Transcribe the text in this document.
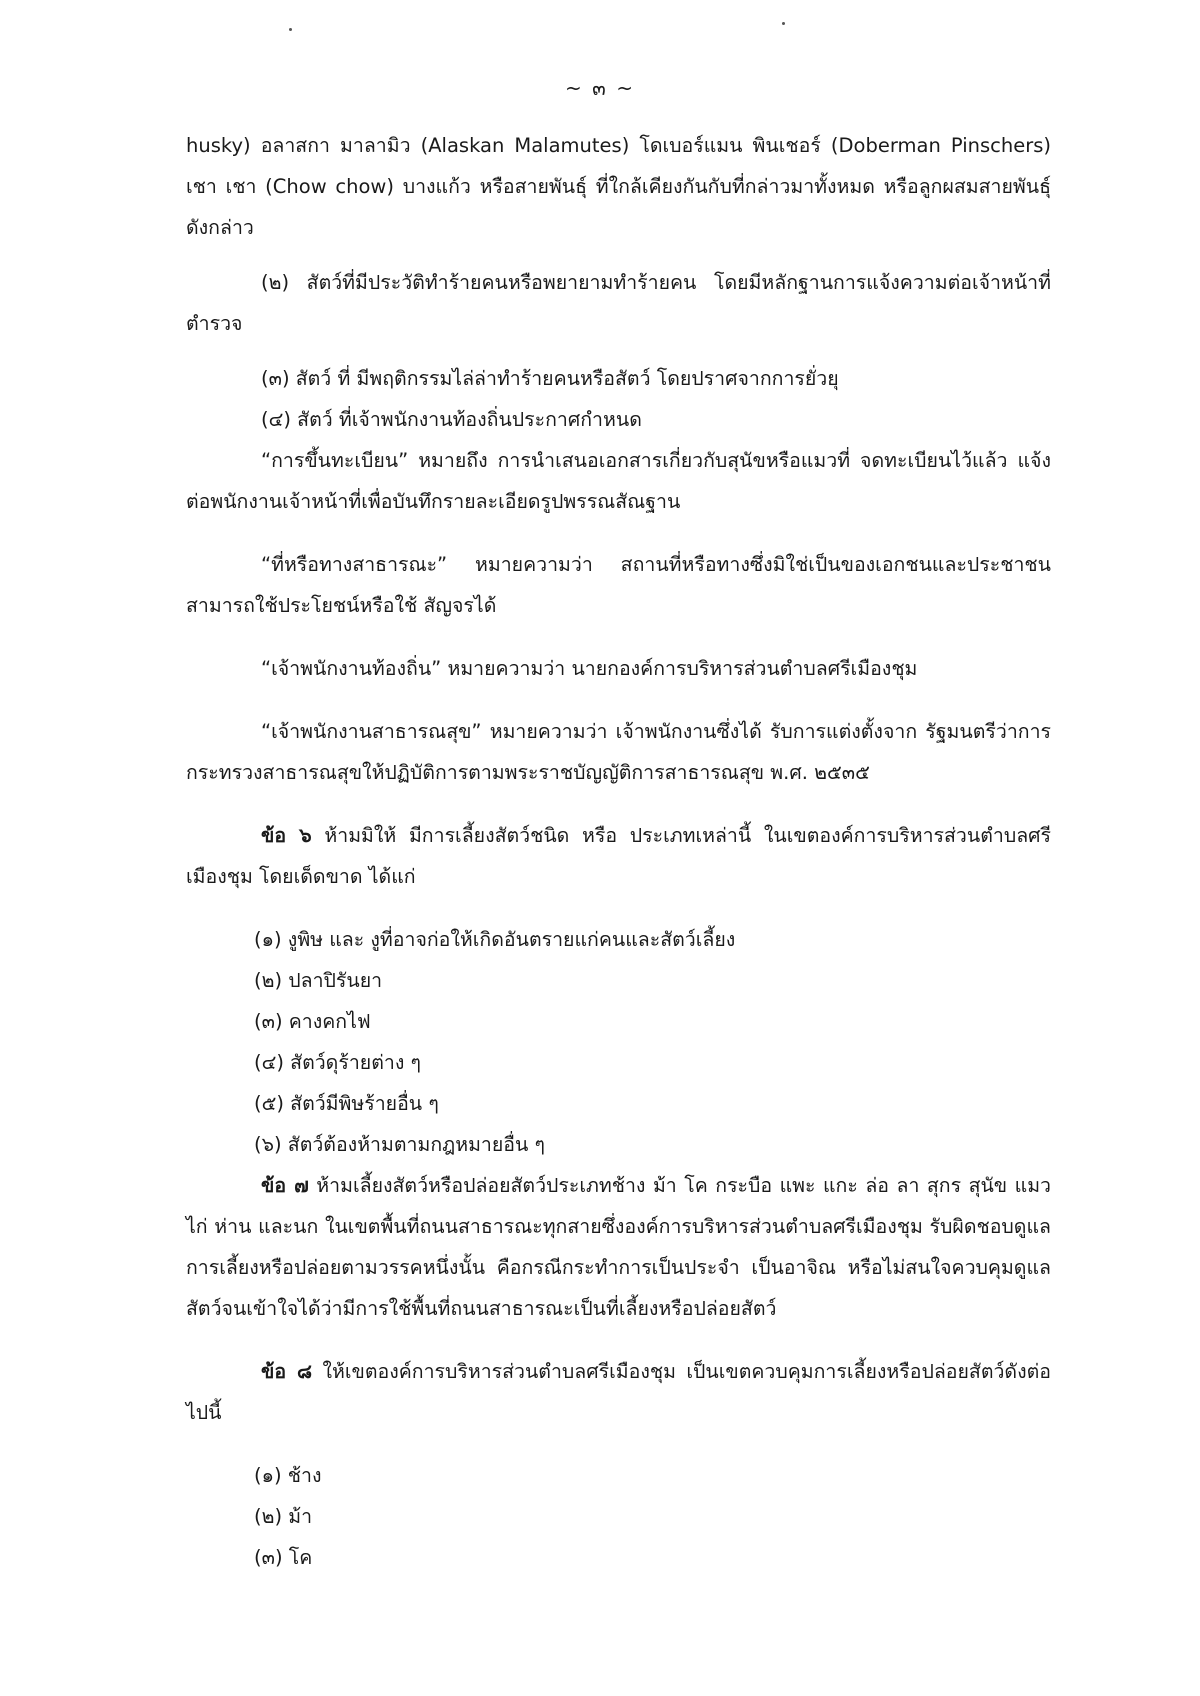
~ ๓ ~

husky) อลาสกา มาลามิว (Alaskan Malamutes) โดเบอร์แมน พินเชอร์ (Doberman Pinschers) เชา เชา (Chow chow) บางแก้ว หรือสายพันธุ์ ที่ใกล้เคียงกันกับที่กล่าวมาทั้งหมด หรือลูกผสมสายพันธุ์ดังกล่าว

(๒) สัตว์ที่มีประวัติทำร้ายคนหรือพยายามทำร้ายคน โดยมีหลักฐานการแจ้งความต่อเจ้าหน้าที่ตำรวจ

(๓) สัตว์ ที่ มีพฤติกรรมไล่ล่าทำร้ายคนหรือสัตว์ โดยปราศจากการยั่วยุ

(๔) สัตว์ ที่เจ้าพนักงานท้องถิ่นประกาศกำหนด

“การขึ้นทะเบียน” หมายถึง การนำเสนอเอกสารเกี่ยวกับสุนัขหรือแมวที่ จดทะเบียนไว้แล้ว แจ้งต่อพนักงานเจ้าหน้าที่เพื่อบันทึกรายละเอียดรูปพรรณสัณฐาน

“ที่หรือทางสาธารณะ” หมายความว่า สถานที่หรือทางซึ่งมิใช่เป็นของเอกชนและประชาชนสามารถใช้ประโยชน์หรือใช้ สัญจรได้

“เจ้าพนักงานท้องถิ่น” หมายความว่า นายกองค์การบริหารส่วนตำบลศรีเมืองชุม

“เจ้าพนักงานสาธารณสุข” หมายความว่า เจ้าพนักงานซึ่งได้ รับการแต่งตั้งจาก รัฐมนตรีว่าการกระทรวงสาธารณสุขให้ปฏิบัติการตามพระราชบัญญัติการสาธารณสุข พ.ศ. ๒๕๓๕

ข้อ ๖ ห้ามมิให้ มีการเลี้ยงสัตว์ชนิด หรือ ประเภทเหล่านี้ ในเขตองค์การบริหารส่วนตำบลศรีเมืองชุม โดยเด็ดขาด ได้แก่

(๑) งูพิษ และ งูที่อาจก่อให้เกิดอันตรายแก่คนและสัตว์เลี้ยง

(๒) ปลาปิรันยา

(๓) คางคกไฟ

(๔) สัตว์ดุร้ายต่าง ๆ

(๕) สัตว์มีพิษร้ายอื่น ๆ

(๖) สัตว์ต้องห้ามตามกฎหมายอื่น ๆ

ข้อ ๗ ห้ามเลี้ยงสัตว์หรือปล่อยสัตว์ประเภทช้าง ม้า โค กระบือ แพะ แกะ ล่อ ลา สุกร สุนัข แมว ไก่ ห่าน และนก ในเขตพื้นที่ถนนสาธารณะทุกสายซึ่งองค์การบริหารส่วนตำบลศรีเมืองชุม รับผิดชอบดูแลการเลี้ยงหรือปล่อยตามวรรคหนึ่งนั้น คือกรณีกระทำการเป็นประจำ เป็นอาจิณ หรือไม่สนใจควบคุมดูแลสัตว์จนเข้าใจได้ว่ามีการใช้พื้นที่ถนนสาธารณะเป็นที่เลี้ยงหรือปล่อยสัตว์

ข้อ ๘ ให้เขตองค์การบริหารส่วนตำบลศรีเมืองชุม เป็นเขตควบคุมการเลี้ยงหรือปล่อยสัตว์ดังต่อไปนี้

(๑) ช้าง

(๒) ม้า

(๓) โค
